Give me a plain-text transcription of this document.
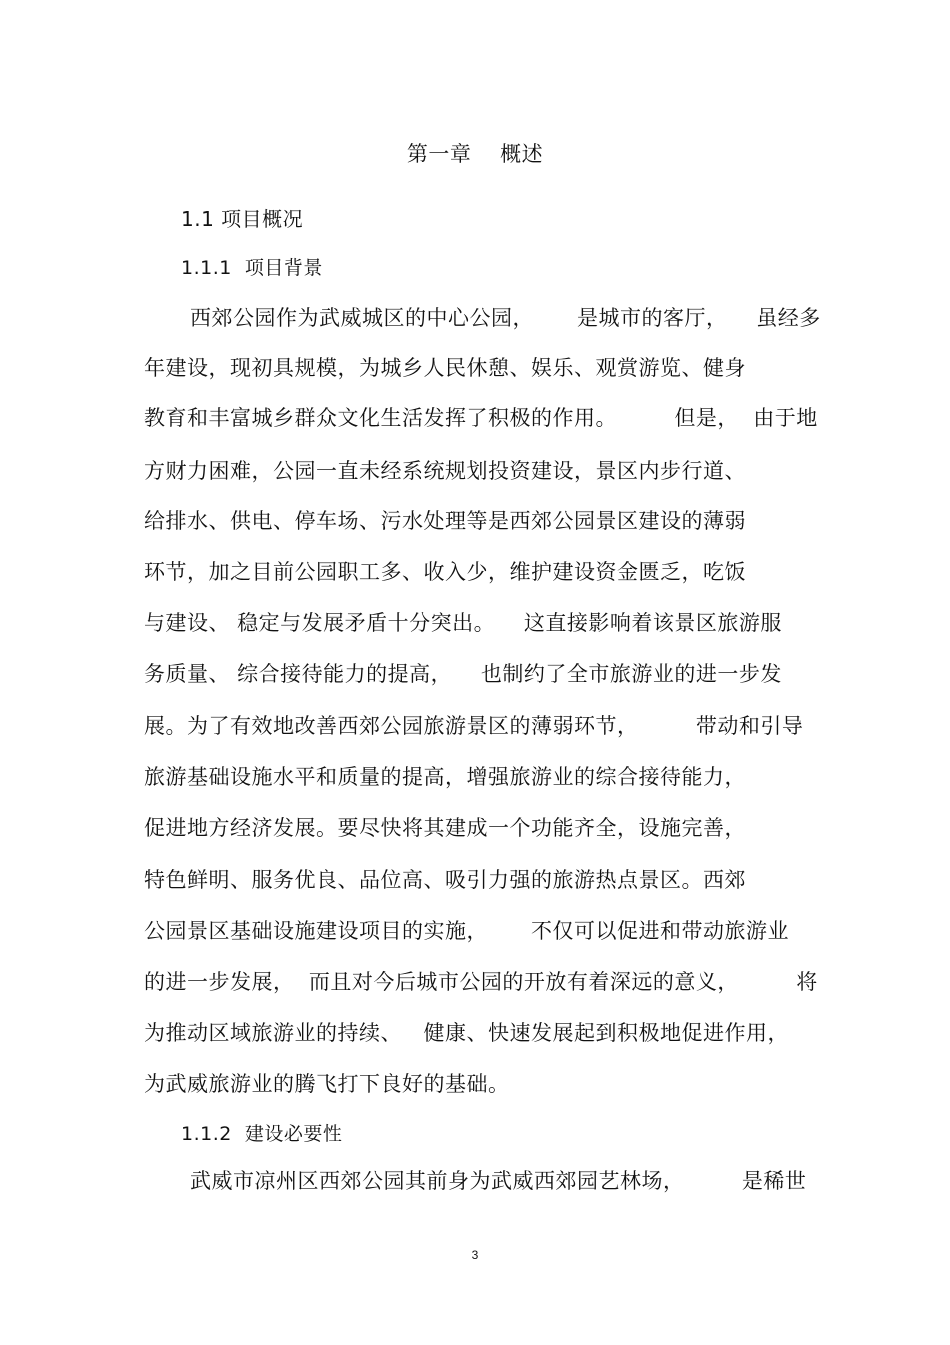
第一章    概述
1.1 项目概况
1.1.1  项目背景
西郊公园作为武威城区的中心公园，      是城市的客厅，    虽经多
年建设，现初具规模，为城乡人民休憩、娱乐、观赏游览、健身
教育和丰富城乡群众文化生活发挥了积极的作用。        但是，  由于地
方财力困难，公园一直未经系统规划投资建设，景区内步行道、
给排水、供电、停车场、污水处理等是西郊公园景区建设的薄弱
环节，加之目前公园职工多、收入少，维护建设资金匮乏，吃饭
与建设、 稳定与发展矛盾十分突出。    这直接影响着该景区旅游服
务质量、 综合接待能力的提高，    也制约了全市旅游业的进一步发
展。为了有效地改善西郊公园旅游景区的薄弱环节，        带动和引导
旅游基础设施水平和质量的提高，增强旅游业的综合接待能力，
促进地方经济发展。要尽快将其建成一个功能齐全，设施完善，
特色鲜明、服务优良、品位高、吸引力强的旅游热点景区。西郊
公园景区基础设施建设项目的实施，      不仅可以促进和带动旅游业
的进一步发展，  而且对今后城市公园的开放有着深远的意义，        将
为推动区域旅游业的持续、   健康、快速发展起到积极地促进作用，
为武威旅游业的腾飞打下良好的基础。
1.1.2  建设必要性
武威市凉州区西郊公园其前身为武威西郊园艺林场，        是稀世
3
